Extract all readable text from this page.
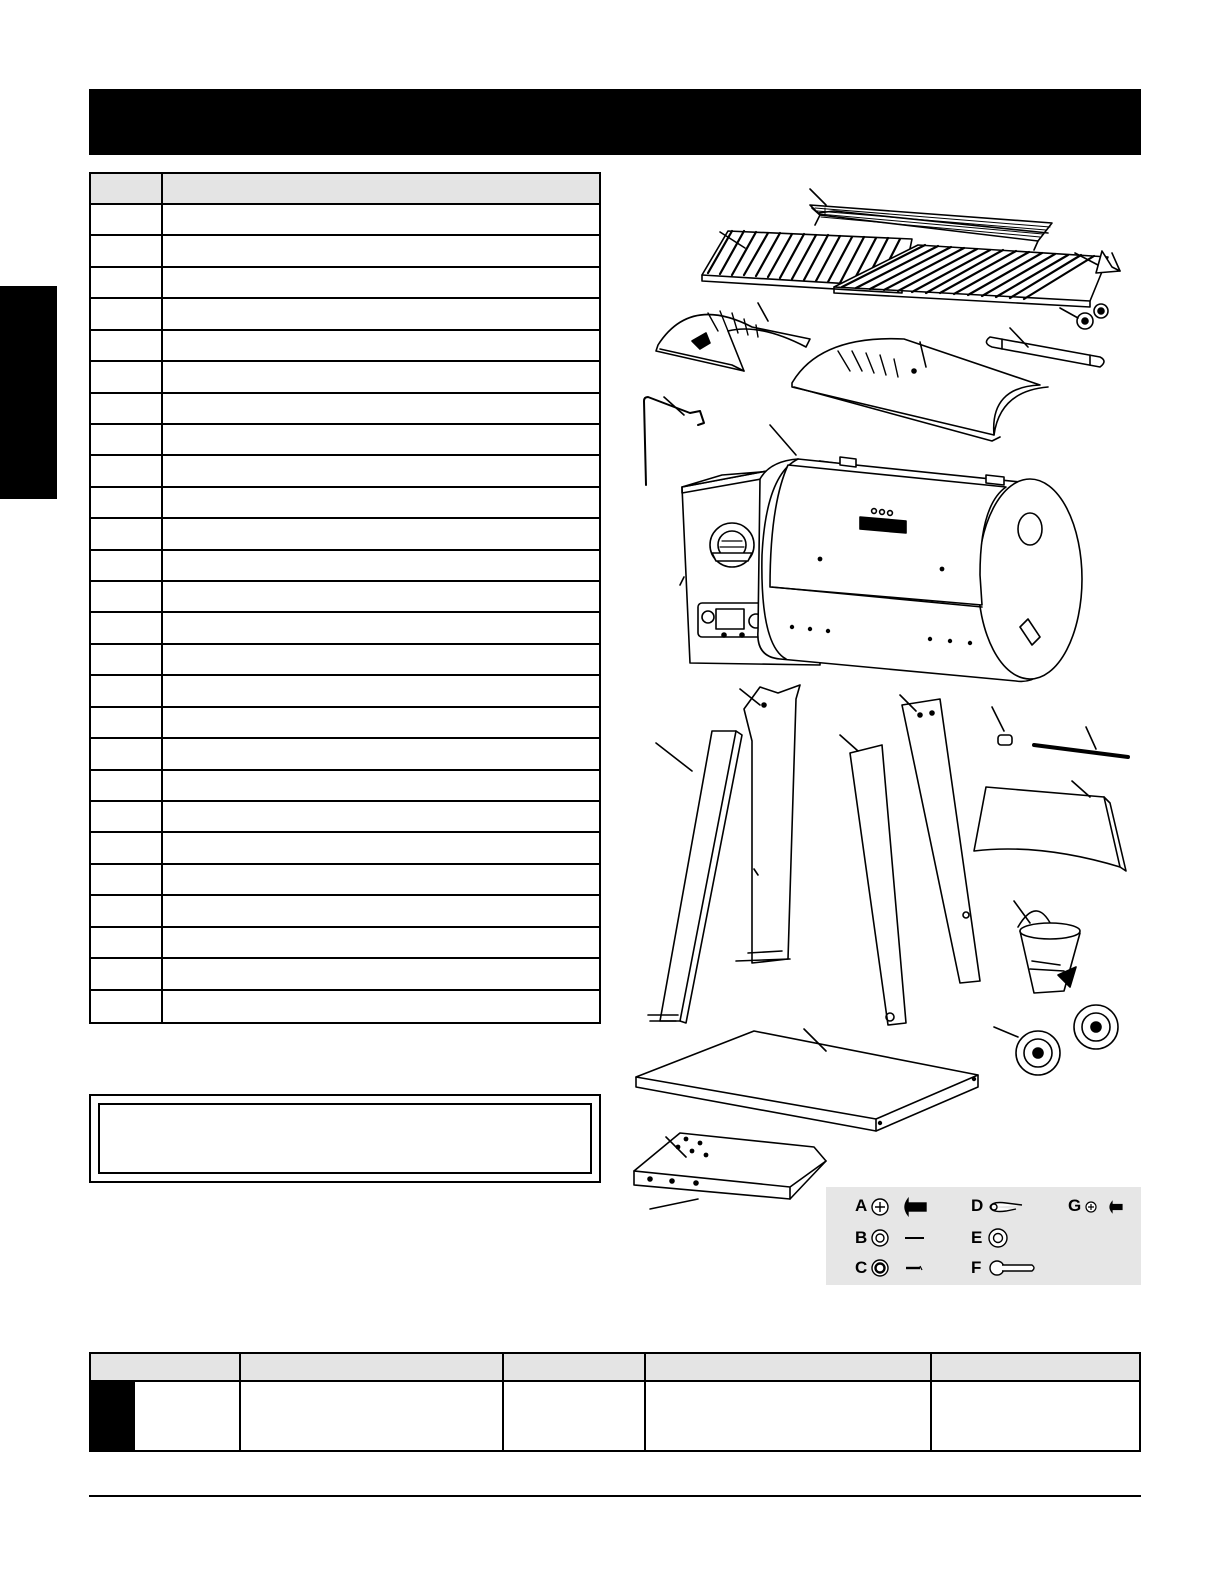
A
B
C
D
E
F
G
